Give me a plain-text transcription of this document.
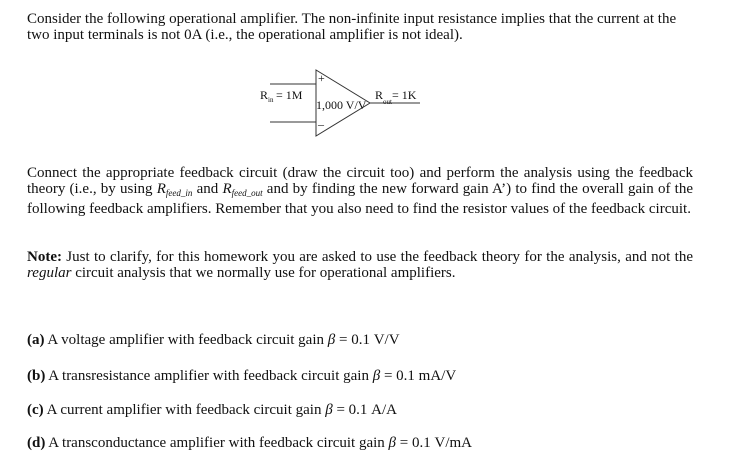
Consider the following operational amplifier. The non-infinite input resistance implies that the current at the two input terminals is not 0A (i.e., the operational amplifier is not ideal).

+
–
R in = 1M
1,000 V/V
R out = 1K

Connect the appropriate feedback circuit (draw the circuit too) and perform the analysis using the feedback theory (i.e., by using $R_{feed\_in}$ and $R_{feed\_out}$ and by finding the new forward gain A’) to find the overall gain of the following feedback amplifiers. Remember that you also need to find the resistor values of the feedback circuit.

Note: Just to clarify, for this homework you are asked to use the feedback theory for the analysis, and not the regular circuit analysis that we normally use for operational amplifiers.

(a) A voltage amplifier with feedback circuit gain β = 0.1 V/V

(b) A transresistance amplifier with feedback circuit gain β = 0.1 mA/V

(c) A current amplifier with feedback circuit gain β = 0.1 A/A

(d) A transconductance amplifier with feedback circuit gain β = 0.1 V/mA
